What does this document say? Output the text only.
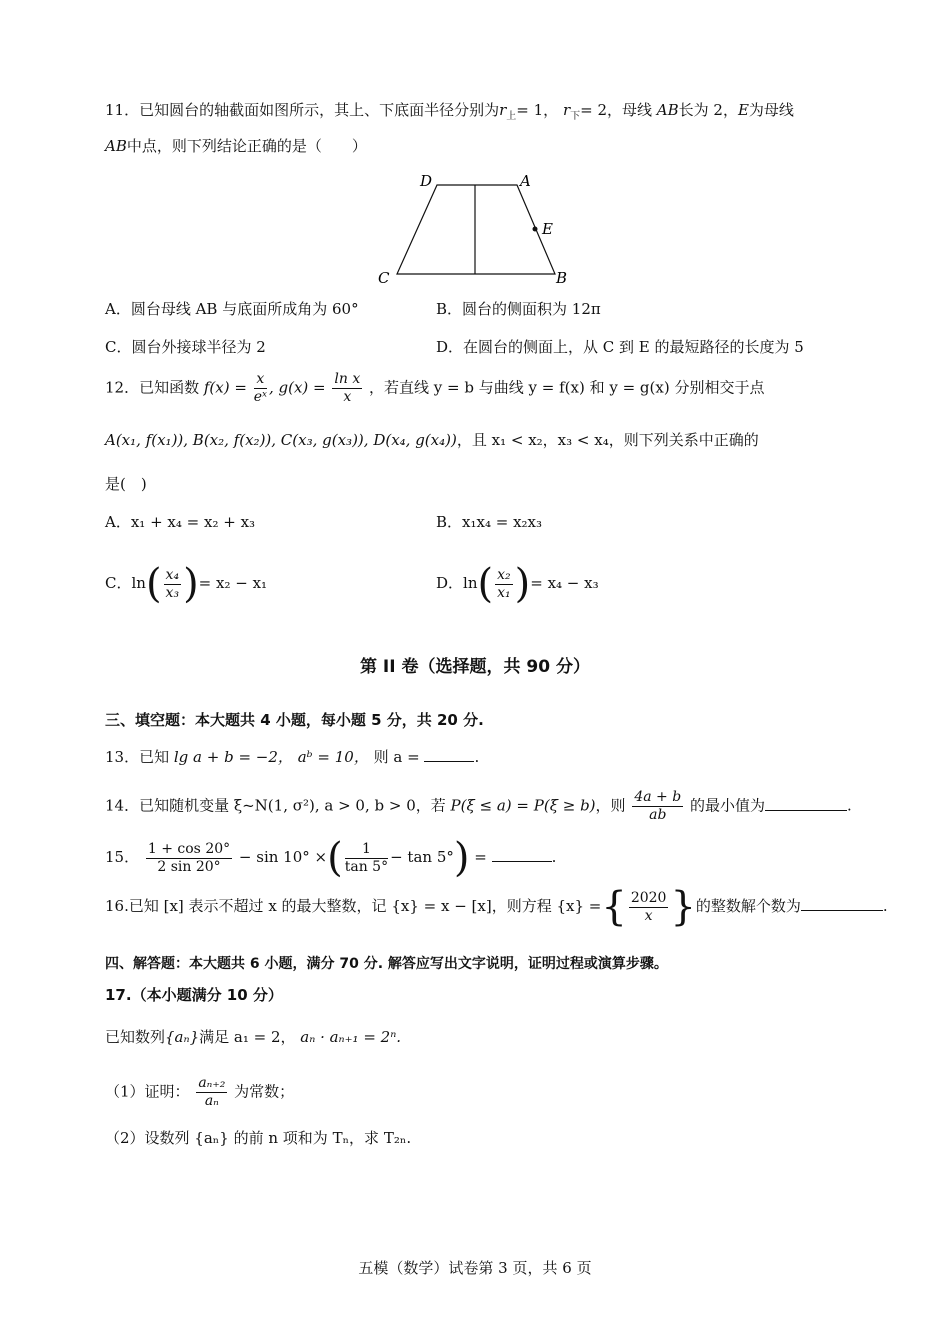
11．已知圆台的轴截面如图所示，其上、下底面半径分别为$r_上= 1$， $r_下= 2$，母线 AB长为 2，E为母线
AB中点，则下列结论正确的是（　　）
D	A
E
C	B
A．圆台母线 AB 与底面所成角为 60°	B．圆台的侧面积为 12π
C．圆台外接球半径为 2	D．在圆台的侧面上，从 C 到 E 的最短路径的长度为 5
12．已知函数 $f(x) = \frac{x}{\text{eˣ}}$ , $g(x) = \frac{\text{ln x}}{x}$ ，若直线 y = b 与曲线 y = f(x) 和 y = g(x) 分别相交于点
A(x₁, f(x₁)), B(x₂, f(x₂)), C(x₃, g(x₃)), D(x₄, g(x₄))，且 x₁ < x₂，x₃ < x₄，则下列关系中正确的
是(　)
A．x₁ + x₄ = x₂ + x₃	B．x₁x₄ = x₂x₃
C．$\ln( \frac{\text{x₄}}{\text{x₃}}$ )= x₂ − x₁	D．$\ln( \frac{\text{x₂}}{\text{x₁}}$ )= x₄ − x₃
第 II 卷（选择题，共 90 分）
三、填空题：本大题共 4 小题，每小题 5 分，共 20 分.
13．已知 lg a + b = −2， aᵇ = 10， 则 a =	.
14．已知随机变量 ξ~N(1, σ²), a > 0, b > 0，若 P(ξ ≤ a) = P(ξ ≥ b)，则 $\frac{4a + b}{ab}$ 的最小值为	.
15． $\frac{1 + \cos 20^\circ}{2 \sin 20^\circ} - \sin 10^\circ$ ×( $\frac{1}{\tan 5^\circ} - \tan 5^\circ$) =	.
16.已知 [x] 表示不超过 x 的最大整数，记 {x} = x − [x]，则方程 {x} ={ $\frac{2020}{x}$ }的整数解个数为	.
四、解答题：本大题共 6 小题，满分 70 分. 解答应写出文字说明，证明过程或演算步骤。
17.（本小题满分 10 分）
已知数列{aₙ}满足 a₁ = 2， aₙ · aₙ₊₁ = 2ⁿ.
（1）证明： $\frac{\text{aₙ₊₂}}{\text{aₙ}}$ 为常数；
（2）设数列 {aₙ} 的前 n 项和为 Tₙ，求 T₂ₙ.
五模（数学）试卷第 3 页，共 6 页
